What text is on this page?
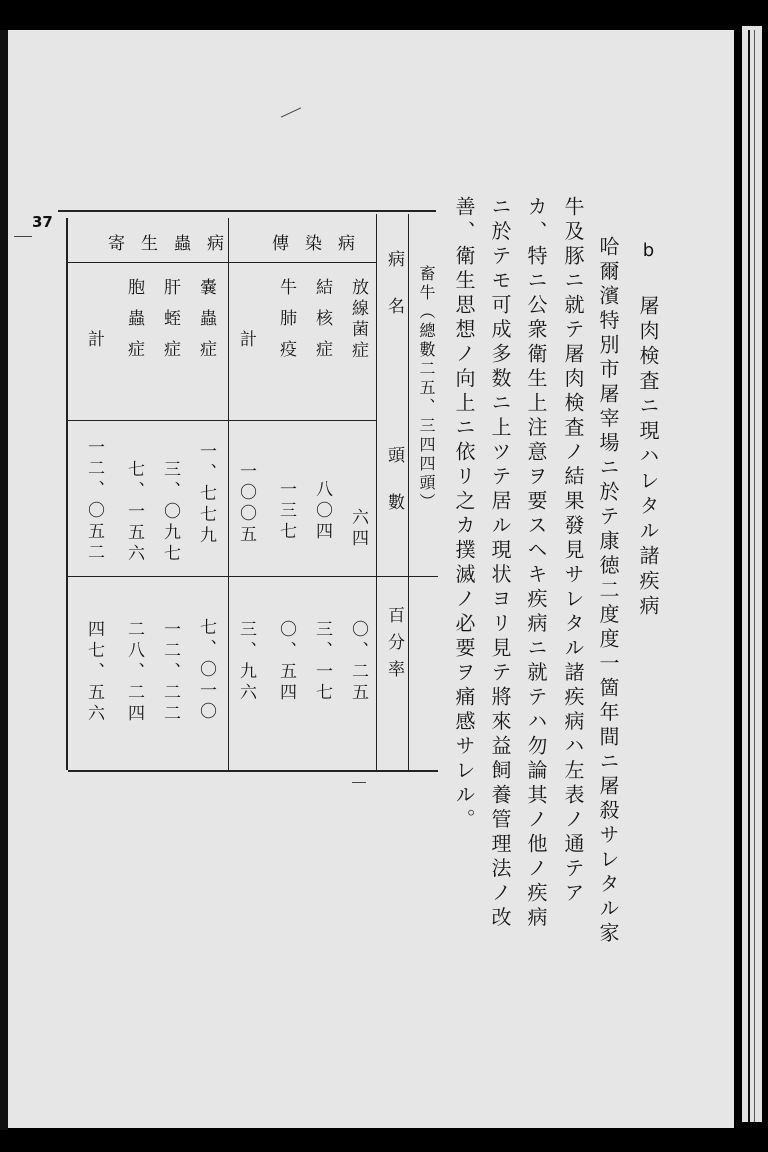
37
b
屠肉検査ニ現ハレタル諸疾病
哈爾濱特別市屠宰場ニ於テ康徳二度度一箇年間ニ屠殺サレタル家
牛及豚ニ就テ屠肉検査ノ結果發見サレタル諸疾病ハ左表ノ通テア
カ、特ニ公衆衛生上注意ヲ要スヘキ疾病ニ就テハ勿論其ノ他ノ疾病
ニ於テモ可成多数ニ上ツテ居ル現状ヨリ見テ將來益飼養管理法ノ改
善、衛生思想ノ向上ニ依リ之カ撲滅ノ必要ヲ痛感サレル。
畜牛（總數二五、三四四頭）
病名
頭數
百分率
傳染病
寄生蟲病
放線菌症
六四
〇、二五
結核症
八〇四
三、一七
牛肺疫
一三七
〇、五四
計
一〇〇五
三、九六
嚢蟲症
一、七七九
七、〇一〇
肝蛭症
三、〇九七
一二、二二
胞蟲症
七、一五六
二八、二四
計
一二、〇五二
四七、五六
